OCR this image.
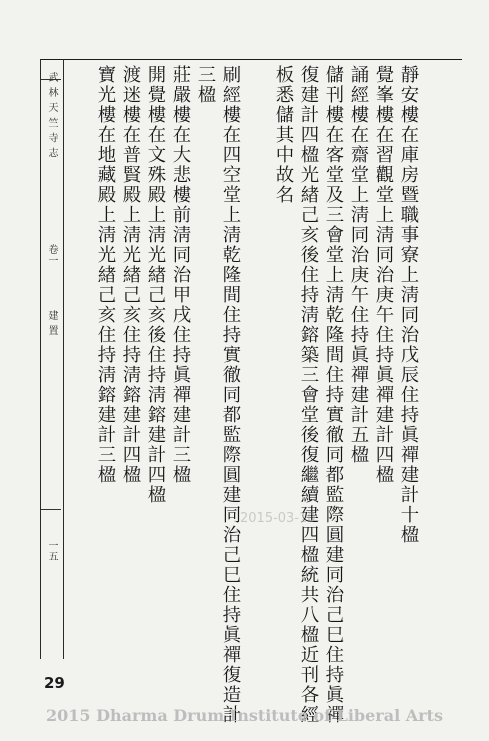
武 林 天 竺 寺 志
卷一
建 置
一五
靜安樓在庫房暨職事寮上淸同治戊辰住持眞禪建計十楹
覺峯樓在習觀堂上淸同治庚午住持眞禪建計四楹
誦經樓在齋堂上淸同治庚午住持眞禪建計五楹
儲刊樓在客堂及三會堂上淸乾隆間住持實徹同都監際圓建同治己巳住持眞禪
復建計四楹光緖己亥後住持淸鎔築三會堂後復繼續建四楹統共八楹近刊各經
板悉儲其中故名
刷經樓在四空堂上淸乾隆間住持實徹同都監際圓建同治己巳住持眞禪復造計
三楹
莊嚴樓在大悲樓前淸同治甲戌住持眞禪建計三楹
開覺樓在文殊殿上淸光緖己亥後住持淸鎔建計四楹
渡迷樓在普賢殿上淸光緖己亥住持淸鎔建計四楹
寶光樓在地藏殿上淸光緖己亥住持淸鎔建計三楹
2015-03-10
29
2015 Dharma Drum Institute of Liberal Arts
